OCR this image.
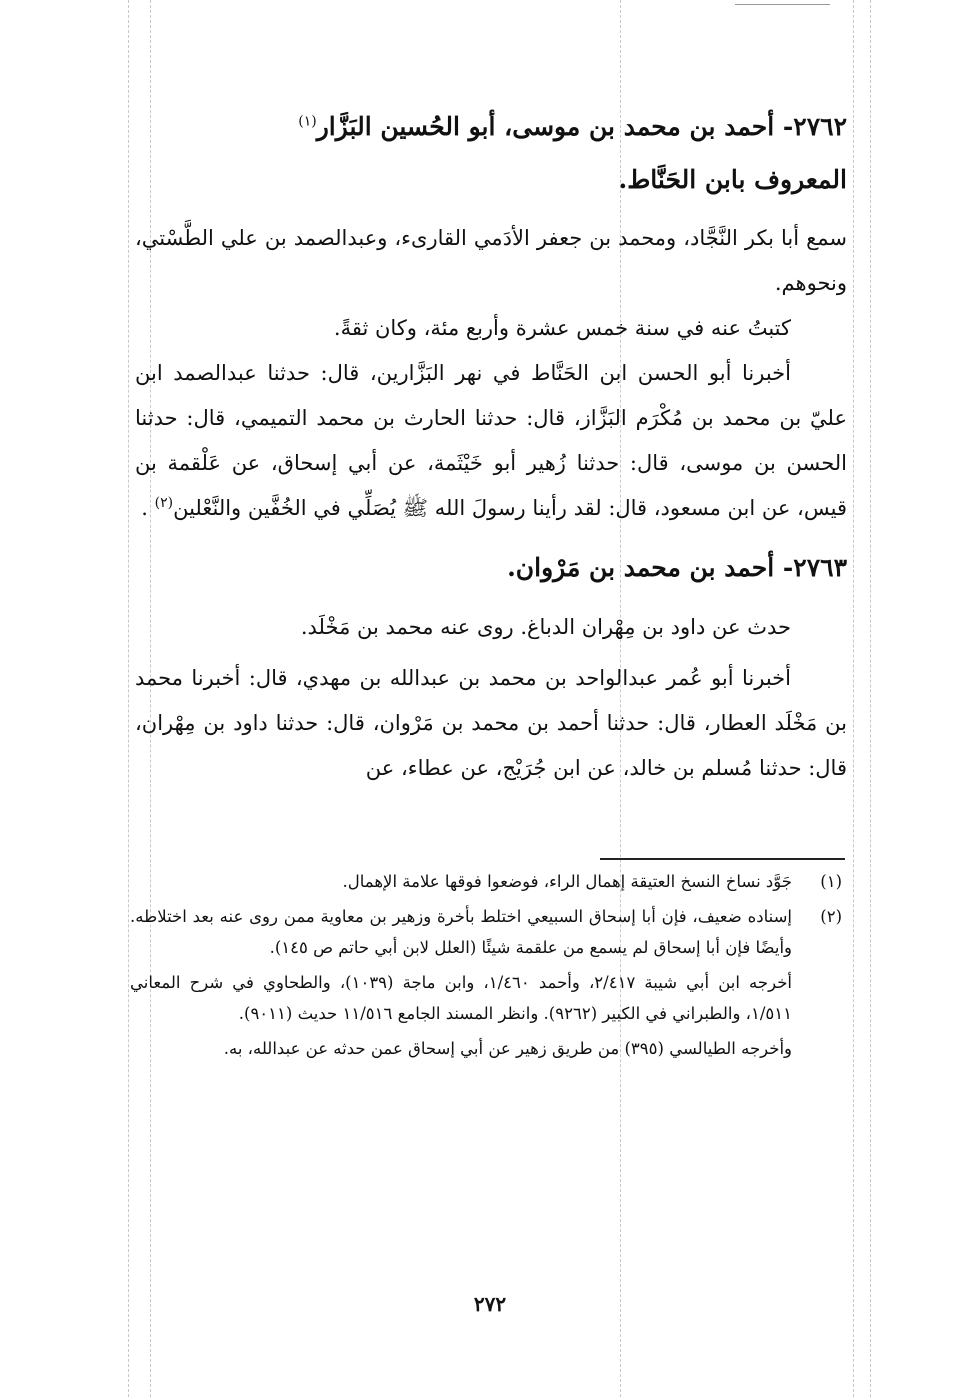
٢٧٦٢- أحمد بن محمد بن موسى، أبو الحُسين البَزَّار$^{(١)}$

المعروف بابن الحَنَّاط.

سمع أبا بكر النَّجَّاد، ومحمد بن جعفر الأدَمي القارىء، وعبدالصمد بن علي الطَّسْتي، ونحوهم.

كتبتُ عنه في سنة خمس عشرة وأربع مئة، وكان ثقةً.

أخبرنا أبو الحسن ابن الحَنَّاط في نهر البَزَّارين، قال: حدثنا عبدالصمد ابن عليّ بن محمد بن مُكْرَم البَزَّاز، قال: حدثنا الحارث بن محمد التميمي، قال: حدثنا الحسن بن موسى، قال: حدثنا زُهير أبو خَيْثَمة، عن أبي إسحاق، عن عَلْقمة بن قيس، عن ابن مسعود، قال: لقد رأينا رسولَ الله ﷺ يُصَلِّي في الخُفَّين والنَّعْلين$^{(٢)}$ .

٢٧٦٣- أحمد بن محمد بن مَرْوان.

حدث عن داود بن مِهْران الدباغ. روى عنه محمد بن مَخْلَد.

أخبرنا أبو عُمر عبدالواحد بن محمد بن عبدالله بن مهدي، قال: أخبرنا محمد بن مَخْلَد العطار، قال: حدثنا أحمد بن محمد بن مَرْوان، قال: حدثنا داود بن مِهْران، قال: حدثنا مُسلم بن خالد، عن ابن جُرَيْج، عن عطاء، عن

(١)
جَوَّد نساخ النسخ العتيقة إهمال الراء، فوضعوا فوقها علامة الإهمال.
(٢)
إسناده ضعيف، فإن أبا إسحاق السبيعي اختلط بأخرة وزهير بن معاوية ممن روى عنه بعد اختلاطه. وأيضًا فإن أبا إسحاق لم يسمع من علقمة شيئًا (العلل لابن أبي حاتم ص ١٤٥).

أخرجه ابن أبي شيبة ٢/٤١٧، وأحمد ١/٤٦٠، وابن ماجة (١٠٣٩)، والطحاوي في شرح المعاني ١/٥١١، والطبراني في الكبير (٩٢٦٢). وانظر المسند الجامع ١١/٥١٦ حديث (٩٠١١).

وأخرجه الطيالسي (٣٩٥) من طريق زهير عن أبي إسحاق عمن حدثه عن عبدالله، به.

٢٧٢
